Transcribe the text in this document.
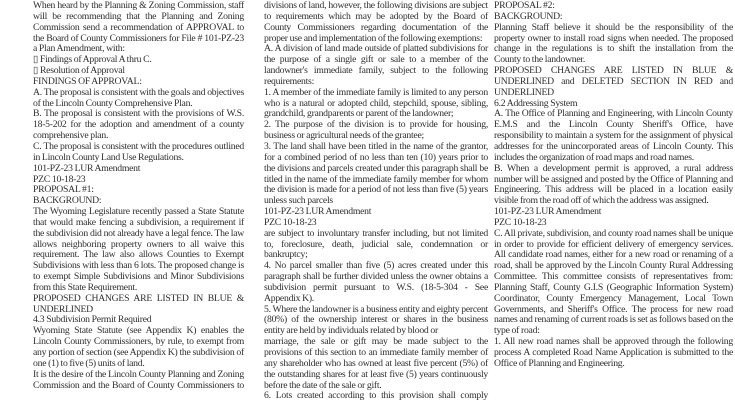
When heard by the Planning & Zoning Commission, staff will be recommending that the Planning and Zoning Commission send a recommendation of APPROVAL to the Board of County Commissioners for File # 101-PZ-23 a Plan Amendment, with:

▯ Findings of Approval A thru C.

▯ Resolution of Approval

FINDINGS OF APPROVAL:

A. The proposal is consistent with the goals and objectives of the Lincoln County Comprehensive Plan.

B. The proposal is consistent with the provisions of W.S. 18-5-202 for the adoption and amendment of a county comprehensive plan.

C. The proposal is consistent with the procedures outlined in Lincoln County Land Use Regulations.

101-PZ-23 LUR Amendment

PZC 10-18-23

PROPOSAL #1:

BACKGROUND:

The Wyoming Legislature recently passed a State Statute that would make fencing a subdivision, a requirement if the subdivision did not already have a legal fence. The law allows neighboring property owners to all waive this requirement. The law also allows Counties to Exempt Subdivisions with less than 6 lots. The proposed change is to exempt Simple Subdivisions and Minor Subdivisions from this State Requirement.

PROPOSED CHANGES ARE LISTED IN BLUE & UNDERLINED

4.3 Subdivision Permit Required

Wyoming State Statute (see Appendix K) enables the Lincoln County Commissioners, by rule, to exempt from any portion of section (see Appendix K) the subdivision of one (1) to five (5) units of land.

It is the desire of the Lincoln County Planning and Zoning Commission and the Board of County Commissioners to

divisions of land, however, the following divisions are subject to requirements which may be adopted by the Board of County Commissioners regarding documentation of the proper use and implementation of the following exemptions:

A. A division of land made outside of platted subdivisions for the purpose of a single gift or sale to a member of the landowner's immediate family, subject to the following requirements:

1. A member of the immediate family is limited to any person who is a natural or adopted child, stepchild, spouse, sibling, grandchild, grandparents or parent of the landowner;

2. The purpose of the division is to provide for housing, business or agricultural needs of the grantee;

3. The land shall have been titled in the name of the grantor, for a combined period of no less than ten (10) years prior to the divisions and parcels created under this paragraph shall be titled in the name of the immediate family member for whom the division is made for a period of not less than five (5) years unless such parcels

101-PZ-23 LUR Amendment

PZC 10-18-23

are subject to involuntary transfer including, but not limited to, foreclosure, death, judicial sale, condemnation or bankruptcy;

4. No parcel smaller than five (5) acres created under this paragraph shall be further divided unless the owner obtains a subdivision permit pursuant to W.S. (18-5-304 - See Appendix K).

5. Where the landowner is a business entity and eighty percent (80%) of the ownership interest or shares in the business entity are held by individuals related by blood or

marriage, the sale or gift may be made subject to the provisions of this section to an immediate family member of any shareholder who has owned at least five percent (5%) of the outstanding shares for at least five (5) years continuously before the date of the sale or gift.

6. Lots created according to this provision shall comply

PROPOSAL #2:

BACKGROUND:

Planning Staff believe it should be the responsibility of the property owner to install road signs when needed. The proposed change in the regulations is to shift the installation from the County to the landowner.

PROPOSED CHANGES ARE LISTED IN BLUE & UNDERLINED and DELETED SECTION IN RED and UNDERLINED

6.2 Addressing System

A. The Office of Planning and Engineering, with Lincoln County E.M.S and the Lincoln County Sheriff's Office, have responsibility to maintain a system for the assignment of physical addresses for the unincorporated areas of Lincoln County. This includes the organization of road maps and road names.

B. When a development permit is approved, a rural address number will be assigned and posted by the Office of Planning and Engineering. This address will be placed in a location easily visible from the road off of which the address was assigned.

101-PZ-23 LUR Amendment

PZC 10-18-23

C. All private, subdivision, and county road names shall be unique in order to provide for efficient delivery of emergency services. All candidate road names, either for a new road or renaming of a road, shall be approved by the Lincoln County Rural Addressing Committee. This committee consists of representatives from: Planning Staff, County G.I.S (Geographic Information System) Coordinator, County Emergency Management, Local Town Governments, and Sheriff's Office. The process for new road names and renaming of current roads is set as follows based on the type of road:

1. All new road names shall be approved through the following process A completed Road Name Application is submitted to the Office of Planning and Engineering.
